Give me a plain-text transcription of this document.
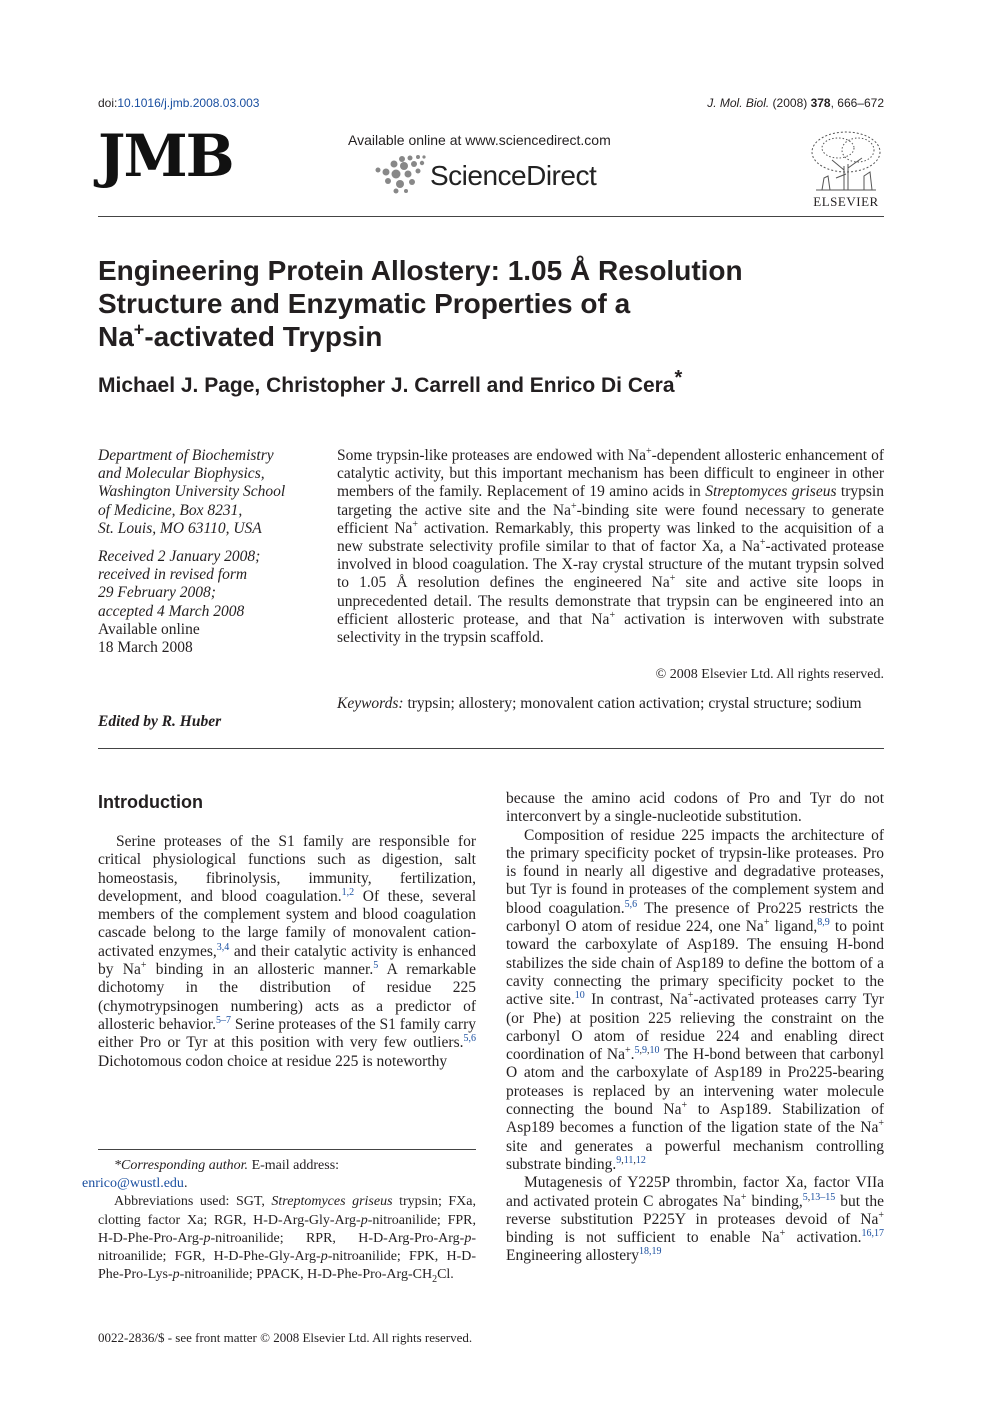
doi:10.1016/j.jmb.2008.03.003	J. Mol. Biol. (2008) 378, 666–672
JMB	Available online at www.sciencedirect.com
ScienceDirect
ELSEVIER
Engineering Protein Allostery: 1.05 Å Resolution
Structure and Enzymatic Properties of a
Na+-activated Trypsin
Michael J. Page, Christopher J. Carrell and Enrico Di Cera*

Department of Biochemistry
and Molecular Biophysics,
Washington University School
of Medicine, Box 8231,
St. Louis, MO 63110, USA

Received 2 January 2008;
received in revised form
29 February 2008;
accepted 4 March 2008

Available online
18 March 2008

Edited by R. Huber

Some trypsin-like proteases are endowed with Na+-dependent allosteric enhancement of catalytic activity, but this important mechanism has been difficult to engineer in other members of the family. Replacement of 19 amino acids in Streptomyces griseus trypsin targeting the active site and the Na+-binding site were found necessary to generate efficient Na+ activation. Remarkably, this property was linked to the acquisition of a new substrate selectivity profile similar to that of factor Xa, a Na+-activated protease involved in blood coagulation. The X-ray crystal structure of the mutant trypsin solved to 1.05 Å resolution defines the engineered Na+ site and active site loops in unprecedented detail. The results demonstrate that trypsin can be engineered into an efficient allosteric protease, and that Na+ activation is interwoven with substrate selectivity in the trypsin scaffold.

© 2008 Elsevier Ltd. All rights reserved.
Keywords: trypsin; allostery; monovalent cation activation; crystal structure; sodium
Introduction

Serine proteases of the S1 family are responsible for critical physiological functions such as digestion, salt homeostasis, fibrinolysis, immunity, fertilization, development, and blood coagulation.$^{1,2}$ Of these, several members of the complement system and blood coagulation cascade belong to the large family of monovalent cation-activated enzymes,$^{3,4}$ and their catalytic activity is enhanced by Na+ binding in an allosteric manner.$^5$ A remarkable dichotomy in the distribution of residue 225 (chymotrypsinogen numbering) acts as a predictor of allosteric behavior.$^{5-7}$ Serine proteases of the S1 family carry either Pro or Tyr at this position with very few outliers.$^{5,6}$ Dichotomous codon choice at residue 225 is noteworthy

because the amino acid codons of Pro and Tyr do not interconvert by a single-nucleotide substitution.

Composition of residue 225 impacts the architecture of the primary specificity pocket of trypsin-like proteases. Pro is found in nearly all digestive and degradative proteases, but Tyr is found in proteases of the complement system and blood coagulation.$^{5,6}$ The presence of Pro225 restricts the carbonyl O atom of residue 224, one Na+ ligand,$^{8,9}$ to point toward the carboxylate of Asp189. The ensuing H-bond stabilizes the side chain of Asp189 to define the bottom of a cavity connecting the primary specificity pocket to the active site.$^{10}$ In contrast, Na+-activated proteases carry Tyr (or Phe) at position 225 relieving the constraint on the carbonyl O atom of residue 224 and enabling direct coordination of Na+.$^{5,9,10}$ The H-bond between that carbonyl O atom and the carboxylate of Asp189 in Pro225-bearing proteases is replaced by an intervening water molecule connecting the bound Na+ to Asp189. Stabilization of Asp189 becomes a function of the ligation state of the Na+ site and generates a powerful mechanism controlling substrate binding.$^{9,11,12}$

Mutagenesis of Y225P thrombin, factor Xa, factor VIIa and activated protein C abrogates Na+ binding,$^{5,13-15}$ but the reverse substitution P225Y in proteases devoid of Na+ binding is not sufficient to enable Na+ activation.$^{16,17}$ Engineering allostery$^{18,19}$

*Corresponding author. E-mail address:
enrico@wustl.edu.

Abbreviations used: SGT, Streptomyces griseus trypsin; FXa, clotting factor Xa; RGR, H-D-Arg-Gly-Arg-p-nitroanilide; FPR, H-D-Phe-Pro-Arg-p-nitroanilide; RPR, H-D-Arg-Pro-Arg-p-nitroanilide; FGR, H-D-Phe-Gly-Arg-p-nitroanilide; FPK, H-D-Phe-Pro-Lys-p-nitroanilide; PPACK, $H-D-Phe-Pro-Arg-CH_2Cl$.

0022-2836/$ - see front matter © 2008 Elsevier Ltd. All rights reserved.
